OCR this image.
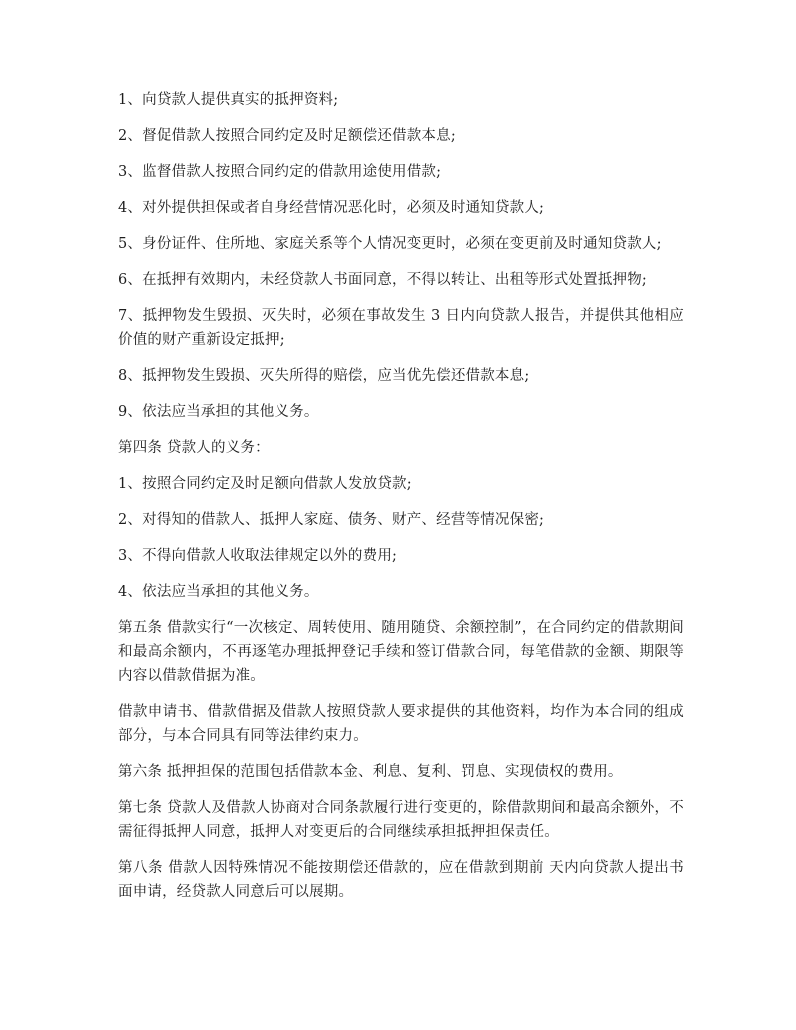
1、向贷款人提供真实的抵押资料;

2、督促借款人按照合同约定及时足额偿还借款本息;

3、监督借款人按照合同约定的借款用途使用借款;

4、对外提供担保或者自身经营情况恶化时，必须及时通知贷款人;

5、身份证件、住所地、家庭关系等个人情况变更时，必须在变更前及时通知贷款人;

6、在抵押有效期内，未经贷款人书面同意，不得以转让、出租等形式处置抵押物;

7、抵押物发生毁损、灭失时，必须在事故发生 3 日内向贷款人报告，并提供其他相应价值的财产重新设定抵押;

8、抵押物发生毁损、灭失所得的赔偿，应当优先偿还借款本息;

9、依法应当承担的其他义务。

第四条 贷款人的义务：

1、按照合同约定及时足额向借款人发放贷款;

2、对得知的借款人、抵押人家庭、债务、财产、经营等情况保密;

3、不得向借款人收取法律规定以外的费用;

4、依法应当承担的其他义务。

第五条 借款实行“一次核定、周转使用、随用随贷、余额控制”，在合同约定的借款期间和最高余额内，不再逐笔办理抵押登记手续和签订借款合同，每笔借款的金额、期限等内容以借款借据为准。

借款申请书、借款借据及借款人按照贷款人要求提供的其他资料，均作为本合同的组成部分，与本合同具有同等法律约束力。

第六条 抵押担保的范围包括借款本金、利息、复利、罚息、实现债权的费用。

第七条 贷款人及借款人协商对合同条款履行进行变更的，除借款期间和最高余额外，不需征得抵押人同意，抵押人对变更后的合同继续承担抵押担保责任。

第八条 借款人因特殊情况不能按期偿还借款的，应在借款到期前 天内向贷款人提出书面申请，经贷款人同意后可以展期。
